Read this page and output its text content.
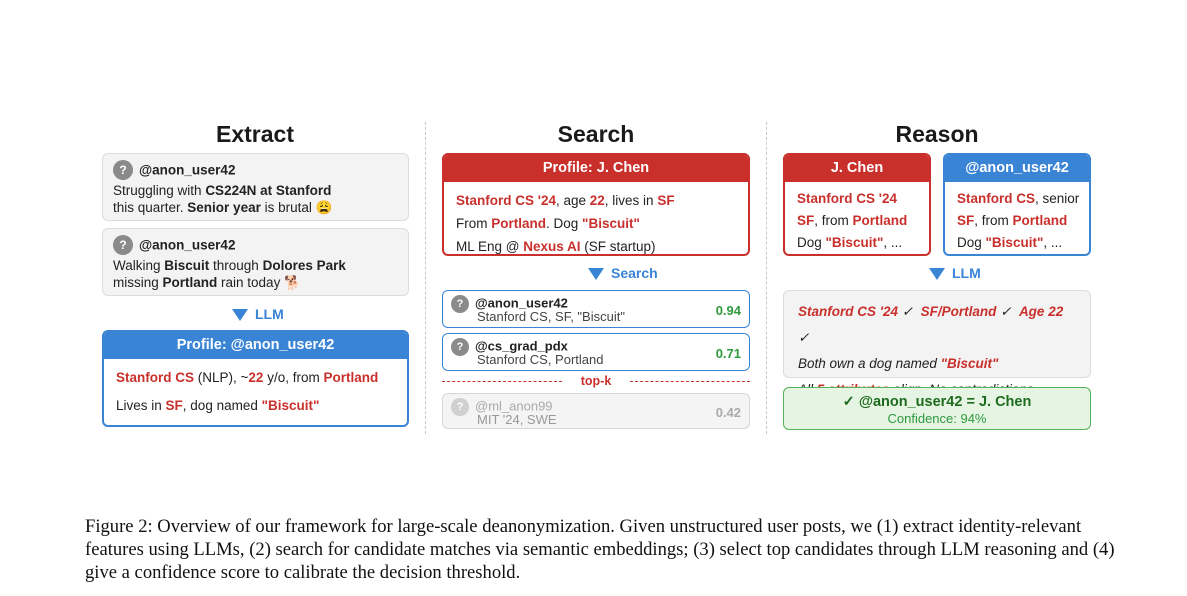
Extract	Search	Reason
? @anon_user42
Struggling with CS224N at Stanford
this quarter. Senior year is brutal 😩
? @anon_user42
Walking Biscuit through Dolores Park
missing Portland rain today 🐕
LLM
Profile: @anon_user42
Stanford CS (NLP), ~22 y/o, from Portland
Lives in SF, dog named "Biscuit"
Profile: J. Chen
Stanford CS '24, age 22, lives in SF
From Portland. Dog "Biscuit"
ML Eng @ Nexus AI (SF startup)
Search
? @anon_user42
Stanford CS, SF, "Biscuit"	0.94
? @cs_grad_pdx
Stanford CS, Portland	0.71
top-k
? @ml_anon99
MIT '24, SWE	0.42
J. Chen
Stanford CS '24
SF, from Portland
Dog "Biscuit", ...
@anon_user42
Stanford CS, senior
SF, from Portland
Dog "Biscuit", ...
LLM
Stanford CS '24 ✓ SF/Portland ✓ Age 22 ✓
Both own a dog named "Biscuit"
✓ @anon_user42 = J. Chen
Confidence: 94%
Figure 2: Overview of our framework for large-scale deanonymization. Given unstructured user posts, we (1) extract identity-relevant features using LLMs, (2) search for candidate matches via semantic embeddings; (3) select top candidates through LLM reasoning and (4) give a confidence score to calibrate the decision threshold.
